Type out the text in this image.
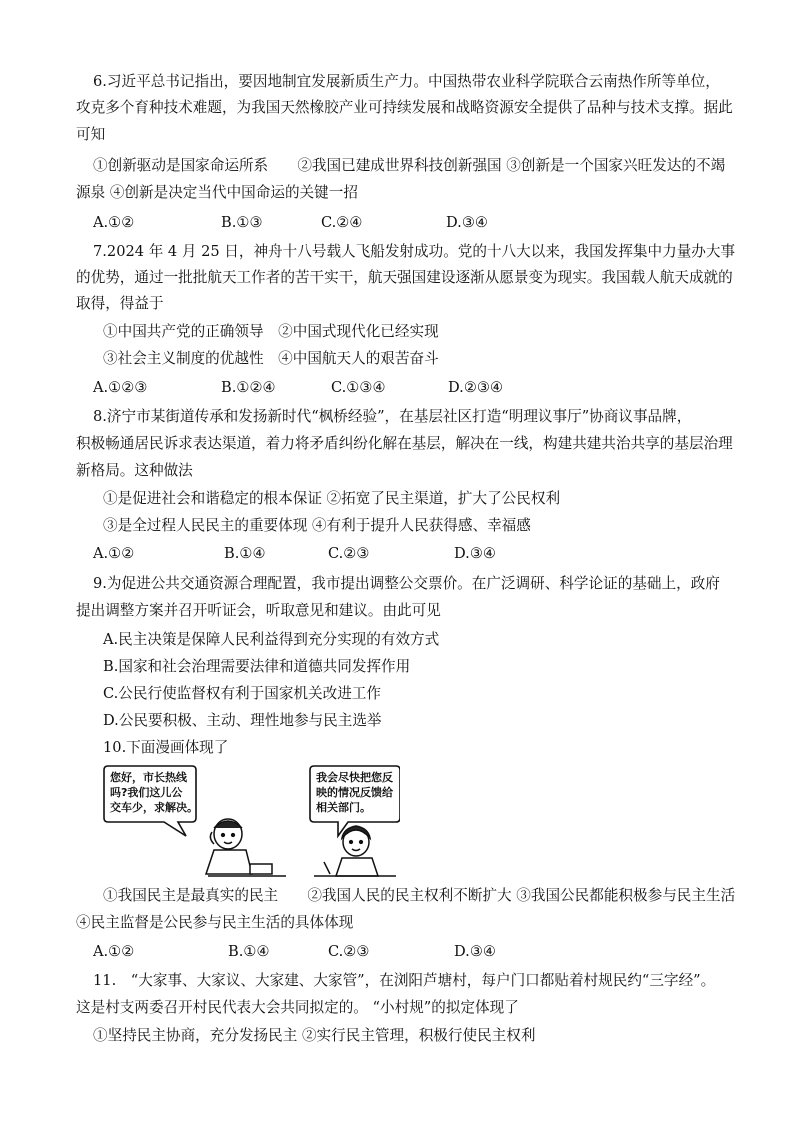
6.习近平总书记指出，要因地制宜发展新质生产力。中国热带农业科学院联合云南热作所等单位，
攻克多个育种技术难题，为我国天然橡胶产业可持续发展和战略资源安全提供了品种与技术支撑。据此
可知
①创新驱动是国家命运所系　　②我国已建成世界科技创新强国 ③创新是一个国家兴旺发达的不竭
源泉 ④创新是决定当代中国命运的关键一招
A.①②	B.①③	C.②④	D.③④
7.2024 年 4 月 25 日，神舟十八号载人飞船发射成功。党的十八大以来，我国发挥集中力量办大事
的优势，通过一批批航天工作者的苦干实干，航天强国建设逐渐从愿景变为现实。我国载人航天成就的
取得，得益于
①中国共产党的正确领导　②中国式现代化已经实现
③社会主义制度的优越性　④中国航天人的艰苦奋斗
A.①②③	B.①②④	C.①③④	D.②③④
8.济宁市某街道传承和发扬新时代“枫桥经验”，在基层社区打造“明理议事厅”协商议事品牌，
积极畅通居民诉求表达渠道，着力将矛盾纠纷化解在基层，解决在一线，构建共建共治共享的基层治理
新格局。这种做法
①是促进社会和谐稳定的根本保证 ②拓宽了民主渠道，扩大了公民权利
③是全过程人民民主的重要体现 ④有利于提升人民获得感、幸福感
A.①②	B.①④	C.②③	D.③④
9.为促进公共交通资源合理配置，我市提出调整公交票价。在广泛调研、科学论证的基础上，政府
提出调整方案并召开听证会，听取意见和建议。由此可见
A.民主决策是保障人民利益得到充分实现的有效方式
B.国家和社会治理需要法律和道德共同发挥作用
C.公民行使监督权有利于国家机关改进工作
D.公民要积极、主动、理性地参与民主选举
10.下面漫画体现了
您好，市长热线
吗?我们这儿公
交车少，求解决。
我会尽快把您反
映的情况反馈给
相关部门。
①我国民主是最真实的民主　　②我国人民的民主权利不断扩大 ③我国公民都能积极参与民主生活
④民主监督是公民参与民主生活的具体体现
A.①②	B.①④	C.②③	D.③④
11.　“大家事、大家议、大家建、大家管”，在浏阳芦塘村，每户门口都贴着村规民约“三字经”。
这是村支两委召开村民代表大会共同拟定的。 “小村规”的拟定体现了
①坚持民主协商，充分发扬民主 ②实行民主管理，积极行使民主权利
